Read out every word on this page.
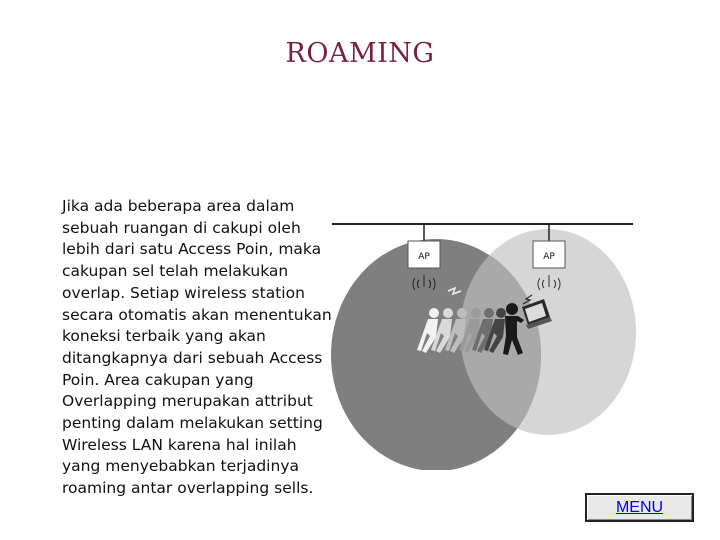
ROAMING
Jika ada beberapa area dalam
sebuah ruangan di cakupi oleh
lebih dari satu Access Poin, maka
cakupan sel telah melakukan
overlap. Setiap wireless station
secara otomatis akan menentukan
koneksi terbaik yang akan
ditangkapnya dari sebuah Access
Poin. Area cakupan yang
Overlapping merupakan attribut
penting dalam melakukan setting
Wireless LAN karena hal inilah
yang menyebabkan terjadinya
roaming antar overlapping sells.
AP	AP
MENU
